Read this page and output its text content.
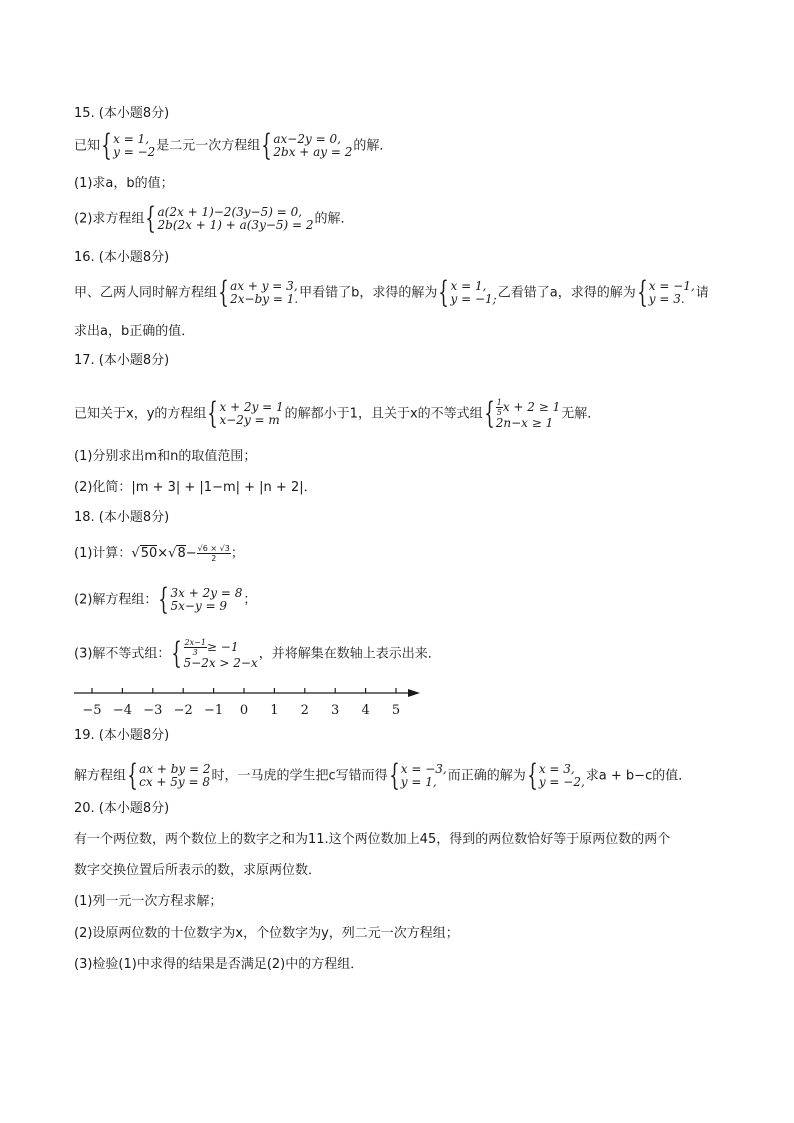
15. (本小题8分)
已知 { x = 1,
y = −2 是二元一次方程组 { ax−2y = 0,
2bx + ay = 2 的解．
(1)求a，b的值；
(2)求方程组 { a(2x + 1)−2(3y−5) = 0,
2b(2x + 1) + a(3y−5) = 2 的解．
16. (本小题8分)
甲、乙两人同时解方程组 { ax + y = 3,
2x−by = 1. 甲看错了b，求得的解为 { x = 1,
y = −1; 乙看错了a，求得的解为 { x = −1,
y = 3. 请
求出a，b正确的值．
17. (本小题8分)
已知关于x，y的方程组 { x + 2y = 1
x−2y = m 的解都小于1，且关于x的不等式组 { $\frac{1}{5}$ x + 2 ≥ 1
2n−x ≥ 1
无解．
(1)分别求出m和n的取值范围；
(2)化简：|m + 3| + |1−m| + |n + 2|．
18. (本小题8分)
(1)计算：$√50\times√8- \frac{√6 \times √3}{2}$ ；
(2)解方程组： { 3x + 2y = 8
5x−y = 9	；
(3)解不等式组： { $\frac{2x-1}{3} \ge -1$
5−2x > 2−x
，并将解集在数轴上表示出来．
−5 −4 −3 −2 −1 0 1 2 3 4 5
19. (本小题8分)
解方程组 { ax + by = 2
cx + 5y = 8 时，一马虎的学生把c写错而得 { x = −3,
y = 1, 而正确的解为 { x = 3,
y = −2, 求a + b−c的值．
20. (本小题8分)
有一个两位数，两个数位上的数字之和为11.这个两位数加上45，得到的两位数恰好等于原两位数的两个
数字交换位置后所表示的数，求原两位数．
(1)列一元一次方程求解；
(2)设原两位数的十位数字为x，个位数字为y，列二元一次方程组；
(3)检验(1)中求得的结果是否满足(2)中的方程组．
